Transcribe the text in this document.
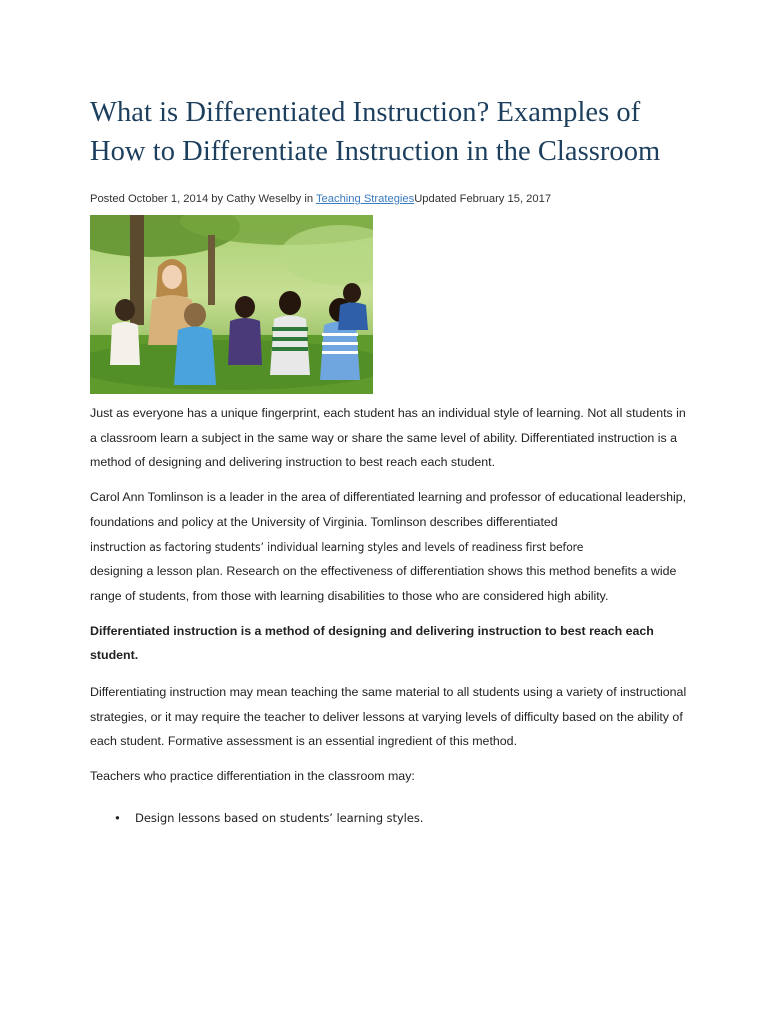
What is Differentiated Instruction? Examples of How to Differentiate Instruction in the Classroom
Posted October 1, 2014 by Cathy Weselby in Teaching StrategiesUpdated February 15, 2017

Just as everyone has a unique fingerprint, each student has an individual style of learning. Not all students in a classroom learn a subject in the same way or share the same level of ability. Differentiated instruction is a method of designing and delivering instruction to best reach each student.

Carol Ann Tomlinson is a leader in the area of differentiated learning and professor of educational leadership, foundations and policy at the University of Virginia. Tomlinson describes differentiated
instruction as factoring students’ individual learning styles and levels of readiness first before
designing a lesson plan. Research on the effectiveness of differentiation shows this method benefits a wide range of students, from those with learning disabilities to those who are considered high ability.

Differentiated instruction is a method of designing and delivering instruction to best reach each student.

Differentiating instruction may mean teaching the same material to all students using a variety of instructional strategies, or it may require the teacher to deliver lessons at varying levels of difficulty based on the ability of each student. Formative assessment is an essential ingredient of this method.

Teachers who practice differentiation in the classroom may:

• Design lessons based on students’ learning styles.
